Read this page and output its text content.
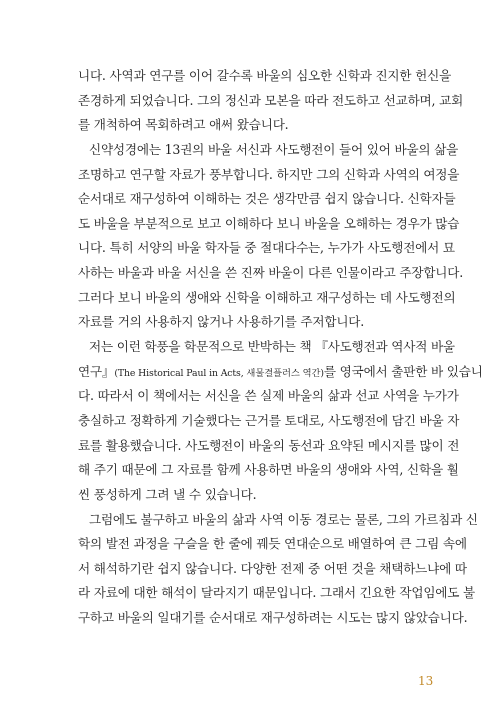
니다. 사역과 연구를 이어 갈수록 바울의 심오한 신학과 진지한 헌신을
존경하게 되었습니다. 그의 정신과 모본을 따라 전도하고 선교하며, 교회
를 개척하여 목회하려고 애써 왔습니다.

신약성경에는 13권의 바울 서신과 사도행전이 들어 있어 바울의 삶을
조명하고 연구할 자료가 풍부합니다. 하지만 그의 신학과 사역의 여정을
순서대로 재구성하여 이해하는 것은 생각만큼 쉽지 않습니다. 신학자들
도 바울을 부분적으로 보고 이해하다 보니 바울을 오해하는 경우가 많습
니다. 특히 서양의 바울 학자들 중 절대다수는, 누가가 사도행전에서 묘
사하는 바울과 바울 서신을 쓴 진짜 바울이 다른 인물이라고 주장합니다.
그러다 보니 바울의 생애와 신학을 이해하고 재구성하는 데 사도행전의
자료를 거의 사용하지 않거나 사용하기를 주저합니다.

저는 이런 학풍을 학문적으로 반박하는 책 『사도행전과 역사적 바울
연구』(The Historical Paul in Acts, 새물결플러스 역간)를 영국에서 출판한 바 있습니
다. 따라서 이 책에서는 서신을 쓴 실제 바울의 삶과 선교 사역을 누가가
충실하고 정확하게 기술했다는 근거를 토대로, 사도행전에 담긴 바울 자
료를 활용했습니다. 사도행전이 바울의 동선과 요약된 메시지를 많이 전
해 주기 때문에 그 자료를 함께 사용하면 바울의 생애와 사역, 신학을 훨
씬 풍성하게 그려 낼 수 있습니다.

그럼에도 불구하고 바울의 삶과 사역 이동 경로는 물론, 그의 가르침과 신
학의 발전 과정을 구슬을 한 줄에 꿰듯 연대순으로 배열하여 큰 그림 속에
서 해석하기란 쉽지 않습니다. 다양한 전제 중 어떤 것을 채택하느냐에 따
라 자료에 대한 해석이 달라지기 때문입니다. 그래서 긴요한 작업임에도 불
구하고 바울의 일대기를 순서대로 재구성하려는 시도는 많지 않았습니다.

13
